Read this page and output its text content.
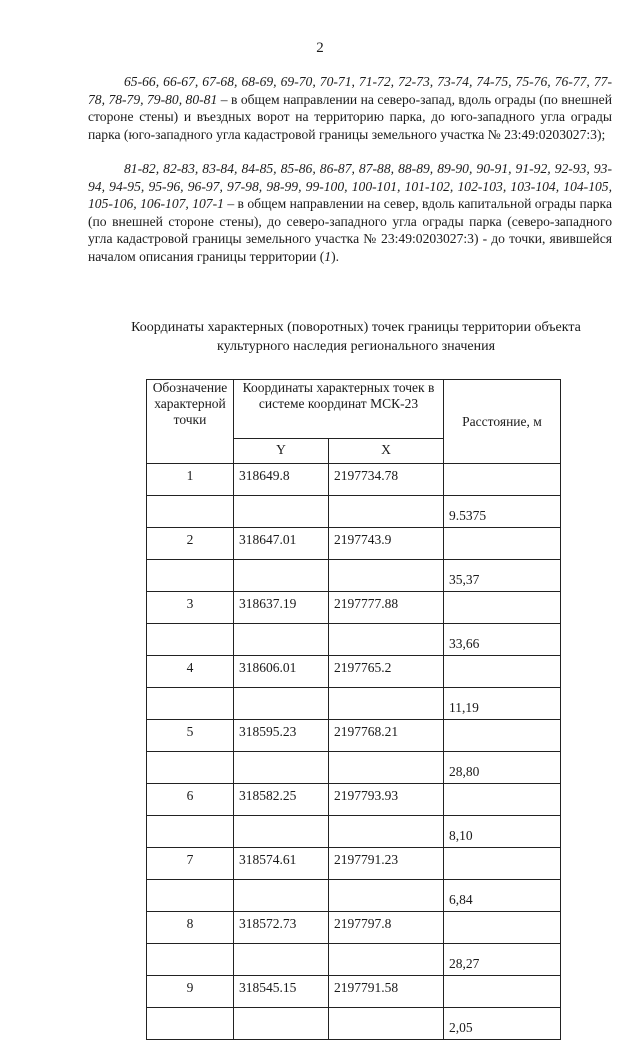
2

65-66, 66-67, 67-68, 68-69, 69-70, 70-71, 71-72, 72-73, 73-74, 74-75, 75-76, 76-77, 77-78, 78-79, 79-80, 80-81 – в общем направлении на северо-запад, вдоль ограды (по внешней стороне стены) и въездных ворот на территорию парка, до юго-западного угла ограды парка (юго-западного угла кадастровой границы земельного участка № 23:49:0203027:3);

81-82, 82-83, 83-84, 84-85, 85-86, 86-87, 87-88, 88-89, 89-90, 90-91, 91-92, 92-93, 93-94, 94-95, 95-96, 96-97, 97-98, 98-99, 99-100, 100-101, 101-102, 102-103, 103-104, 104-105, 105-106, 106-107, 107-1 – в общем направлении на север, вдоль капитальной ограды парка (по внешней стороне стены), до северо-западного угла ограды парка (северо-западного угла кадастровой границы земельного участка № 23:49:0203027:3) - до точки, явившейся началом описания границы территории (1).

Координаты характерных (поворотных) точек границы территории объекта культурного наследия регионального значения

Обозначение характерной точки	Координаты характерных точек в системе координат МСК-23		Расстояние, м
	Y	X	
1	318649.8	2197734.78	
			9.5375
2	318647.01	2197743.9	
			35,37
3	318637.19	2197777.88	
			33,66
4	318606.01	2197765.2	
			11,19
5	318595.23	2197768.21	
			28,80
6	318582.25	2197793.93	
			8,10
7	318574.61	2197791.23	
			6,84
8	318572.73	2197797.8	
			28,27
9	318545.15	2197791.58	
			2,05
